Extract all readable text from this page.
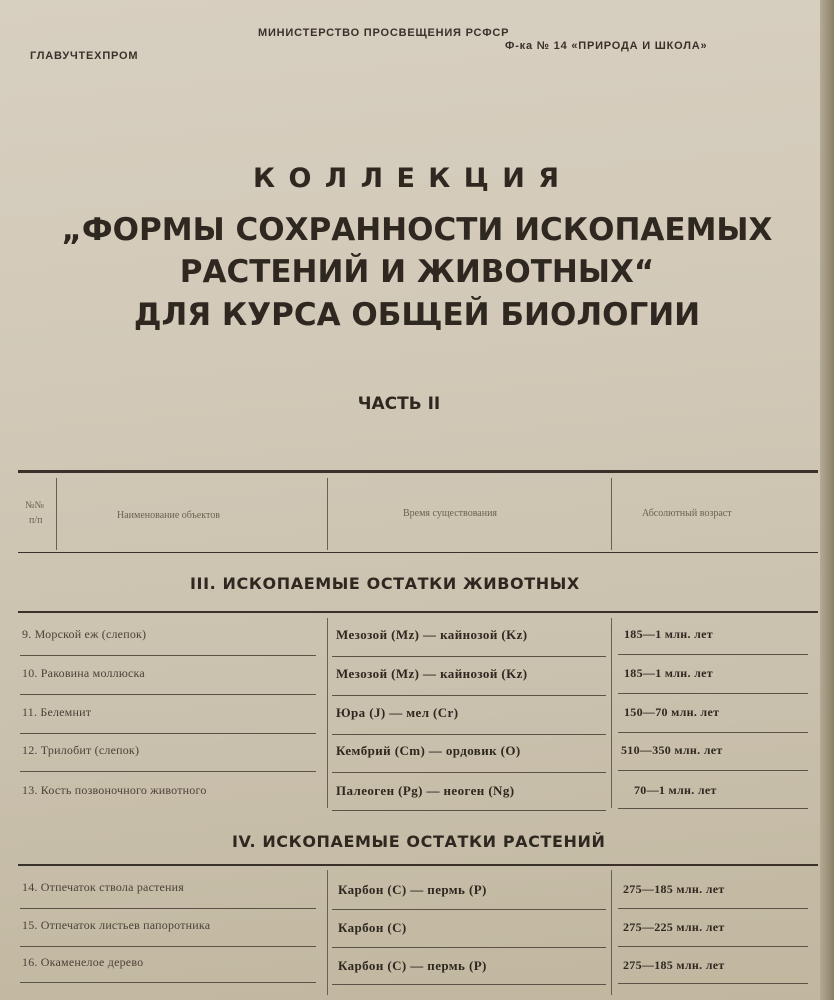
ГЛАВУЧТЕХПРОМ
МИНИСТЕРСТВО ПРОСВЕЩЕНИЯ РСФСР
Ф-ка № 14 «ПРИРОДА И ШКОЛА»
К О Л Л Е К Ц И Я
„ФОРМЫ СОХРАННОСТИ ИСКОПАЕМЫХ
РАСТЕНИЙ И ЖИВОТНЫХ“
ДЛЯ КУРСА ОБЩЕЙ БИОЛОГИИ
ЧАСТЬ II
№№
п/п	Наименование объектов	Время существования	Абсолютный возраст
III. ИСКОПАЕМЫЕ ОСТАТКИ ЖИВОТНЫХ
9. Морской еж (слепок)	Мезозой (Mz) — кайнозой (Kz)	185—1 млн. лет
10. Раковина моллюска	Мезозой (Mz) — кайнозой (Kz)	185—1 млн. лет
11. Белемнит	Юра (J) — мел (Cr)	150—70 млн. лет
12. Трилобит (слепок)	Кембрий (Cm) — ордовик (O)	510—350 млн. лет
13. Кость позвоночного животного	Палеоген (Pg) — неоген (Ng)	70—1 млн. лет
IV. ИСКОПАЕМЫЕ ОСТАТКИ РАСТЕНИЙ
14. Отпечаток ствола растения	Карбон (C) — пермь (P)	275—185 млн. лет
15. Отпечаток листьев папоротника	Карбон (C)	275—225 млн. лет
16. Окаменелое дерево	Карбон (C) — пермь (P)	275—185 млн. лет
